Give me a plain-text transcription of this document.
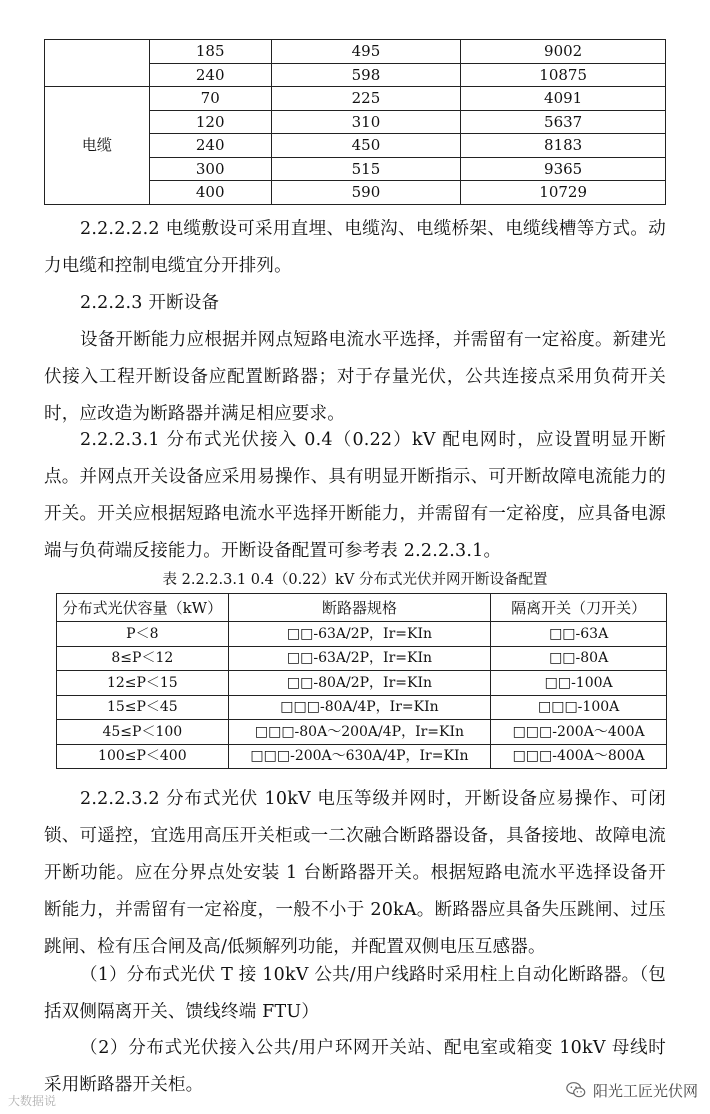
	185	495	9002
	240	598	10875
电缆	70	225	4091
	120	310	5637
	240	450	8183
	300	515	9365
	400	590	10729

2.2.2.2.2 电缆敷设可采用直埋、电缆沟、电缆桥架、电缆线槽等方式。动力电缆和控制电缆宜分开排列。

2.2.2.3 开断设备

设备开断能力应根据并网点短路电流水平选择，并需留有一定裕度。新建光伏接入工程开断设备应配置断路器；对于存量光伏，公共连接点采用负荷开关时，应改造为断路器并满足相应要求。

2.2.2.3.1 分布式光伏接入 0.4（0.22）kV 配电网时，应设置明显开断点。并网点开关设备应采用易操作、具有明显开断指示、可开断故障电流能力的开关。开关应根据短路电流水平选择开断能力，并需留有一定裕度，应具备电源端与负荷端反接能力。开断设备配置可参考表 2.2.2.3.1。

表 2.2.2.3.1 0.4（0.22）kV 分布式光伏并网开断设备配置
分布式光伏容量（kW）	断路器规格	隔离开关（刀开关）
P＜8	□□-63A/2P，Ir=KIn	□□-63A
8≤P＜12	□□-63A/2P，Ir=KIn	□□-80A
12≤P＜15	□□-80A/2P，Ir=KIn	□□-100A
15≤P＜45	□□□-80A/4P，Ir=KIn	□□□-100A
45≤P＜100	□□□-80A～200A/4P，Ir=KIn	□□□-200A～400A
100≤P＜400	□□□-200A～630A/4P，Ir=KIn	□□□-400A～800A

2.2.2.3.2 分布式光伏 10kV 电压等级并网时，开断设备应易操作、可闭锁、可遥控，宜选用高压开关柜或一二次融合断路器设备，具备接地、故障电流开断功能。应在分界点处安装 1 台断路器开关。根据短路电流水平选择设备开断能力，并需留有一定裕度，一般不小于 20kA。断路器应具备失压跳闸、过压跳闸、检有压合闸及高/低频解列功能，并配置双侧电压互感器。

（1）分布式光伏 T 接 10kV 公共/用户线路时采用柱上自动化断路器。（包括双侧隔离开关、馈线终端 FTU）

（2）分布式光伏接入公共/用户环网开关站、配电室或箱变 10kV 母线时采用断路器开关柜。

大数据说
阳光工匠光伏网
